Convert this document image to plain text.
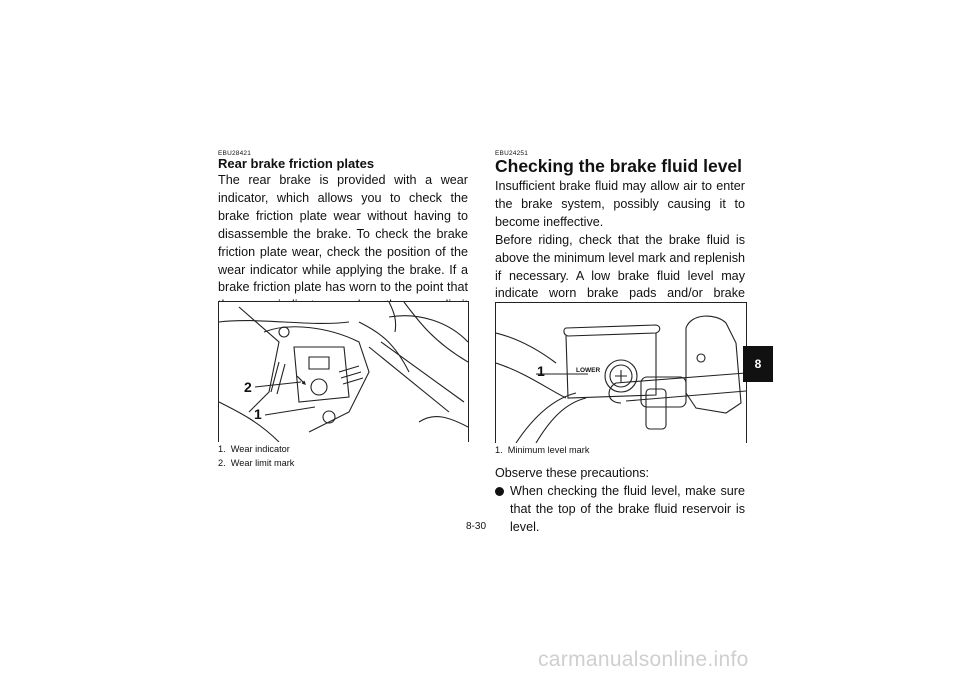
EBU28421

Rear brake friction plates

The rear brake is provided with a wear indicator, which allows you to check the brake friction plate wear without having to disassemble the brake. To check the brake friction plate wear, check the position of the wear indicator while applying the brake. If a brake friction plate has worn to the point that

2
1
1.  Wear indicator
2.  Wear limit mark

EBU24251

Checking the brake fluid level

Insufficient brake fluid may allow air to enter the brake system, possibly causing it to become ineffective.

Before riding, check that the brake fluid is above the minimum level mark and replenish if necessary. A low brake fluid level may indicate worn brake pads and/or brake

LOWER
1
1.  Minimum level mark

Observe these precautions:

When checking the fluid level, make sure that the top of the brake fluid reservoir is level.
8
8-30
carmanualsonline.info
